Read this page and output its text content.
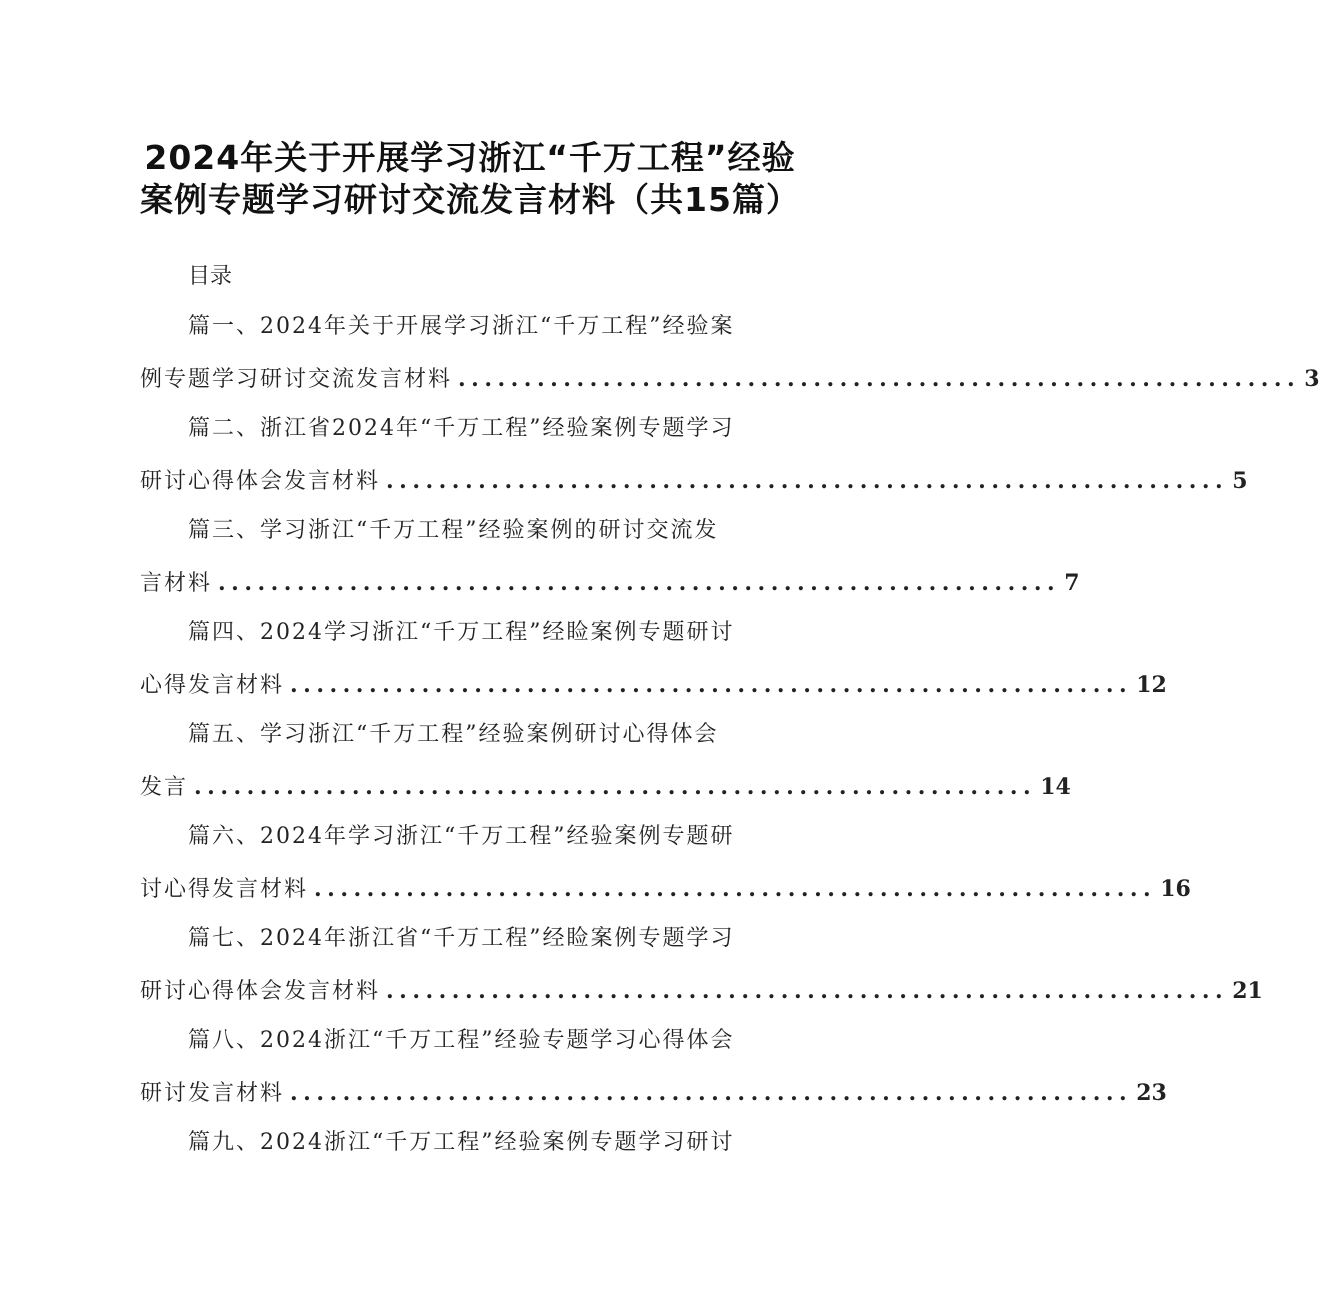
2024年关于开展学习浙江“千万工程”经验
案例专题学习研讨交流发言材料（共15篇）
目录
篇一、2024年关于开展学习浙江“千万工程”经验案
例专题学习研讨交流发言材料 ................................................................ 3
篇二、浙江省2024年“千万工程”经验案例专题学习
研讨心得体会发言材料 ................................................................ 5
篇三、学习浙江“千万工程”经验案例的研讨交流发
言材料 ................................................................ 7
篇四、2024学习浙江“千万工程”经睑案例专题研讨
心得发言材料 ................................................................ 12
篇五、学习浙江“千万工程”经验案例研讨心得体会
发言 ................................................................ 14
篇六、2024年学习浙江“千万工程”经验案例专题研
讨心得发言材料 ................................................................ 16
篇七、2024年浙江省“千万工程”经睑案例专题学习
研讨心得体会发言材料 ................................................................ 21
篇八、2024浙江“千万工程”经验专题学习心得体会
研讨发言材料 ................................................................ 23
篇九、2024浙江“千万工程”经验案例专题学习研讨
